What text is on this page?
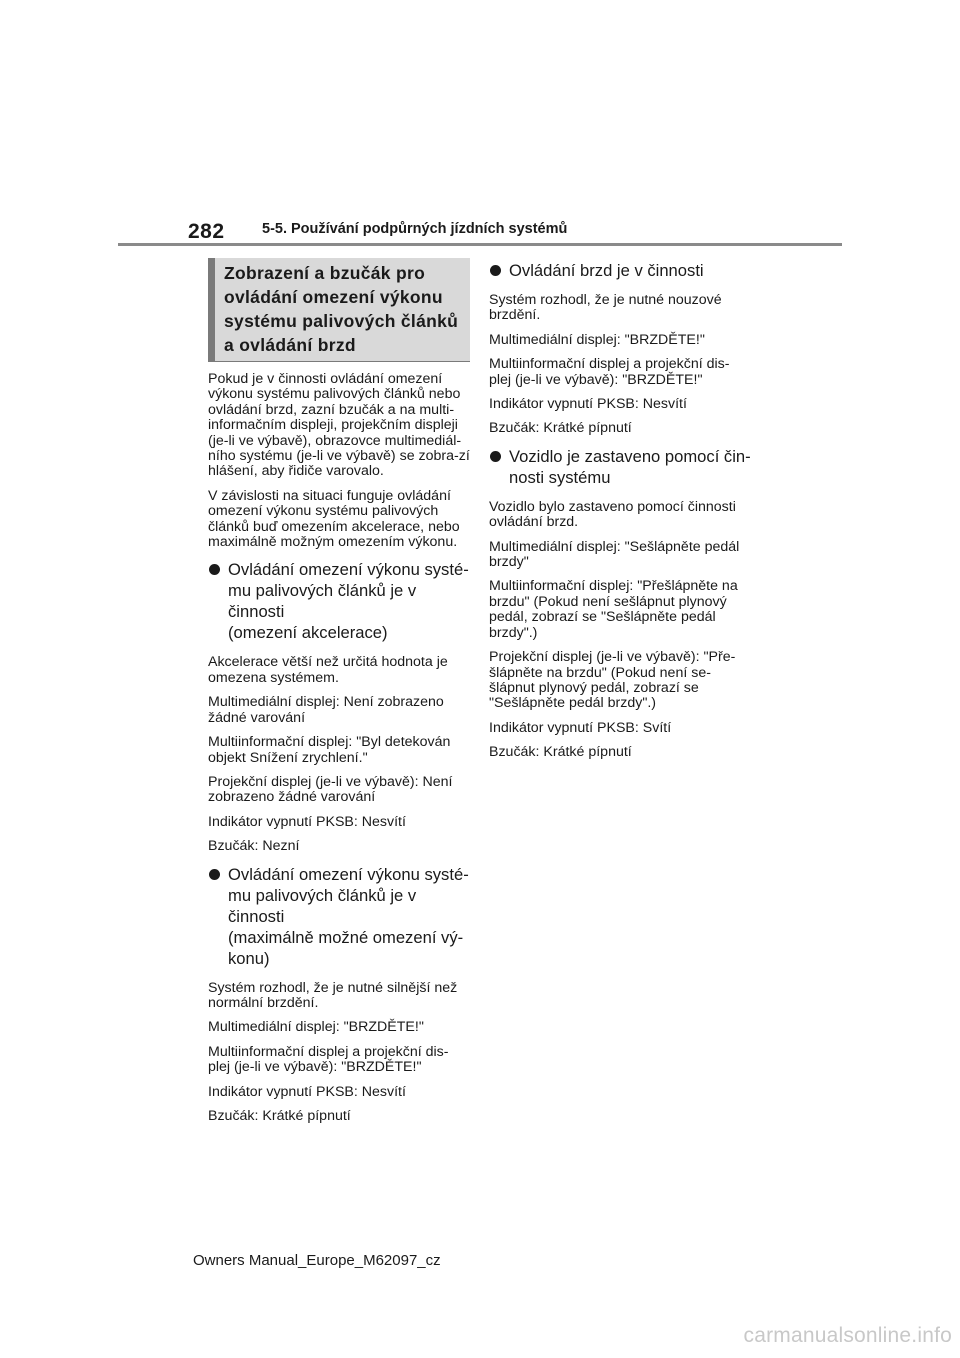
282	5-5. Používání podpůrných jízdních systémů
Zobrazení a bzučák pro
ovládání omezení výkonu
systému palivových článků
a ovládání brzd

Pokud je v činnosti ovládání omezení výkonu systému palivových článků nebo ovládání brzd, zazní bzučák a na multi-informačním displeji, projekčním displeji (je-li ve výbavě), obrazovce multimediál-ního systému (je-li ve výbavě) se zobra-zí hlášení, aby řidiče varovalo.

V závislosti na situaci funguje ovládání omezení výkonu systému palivových článků buď omezením akcelerace, nebo maximálně možným omezením výkonu.

Ovládání omezení výkonu systé-
mu palivových článků je v činnosti
(omezení akcelerace)

Akcelerace větší než určitá hodnota je omezena systémem.

Multimediální displej: Není zobrazeno žádné varování

Multiinformační displej: "Byl detekován objekt Snížení zrychlení."

Projekční displej (je-li ve výbavě): Není zobrazeno žádné varování

Indikátor vypnutí PKSB: Nesvítí

Bzučák: Nezní

Ovládání omezení výkonu systé-
mu palivových článků je v činnosti
(maximálně možné omezení vý-
konu)

Systém rozhodl, že je nutné silnější než normální brzdění.

Multimediální displej: "BRZDĚTE!"

Multiinformační displej a projekční dis-plej (je-li ve výbavě): "BRZDĚTE!"

Indikátor vypnutí PKSB: Nesvítí

Bzučák: Krátké pípnutí

Ovládání brzd je v činnosti

Systém rozhodl, že je nutné nouzové brzdění.

Multimediální displej: "BRZDĚTE!"

Multiinformační displej a projekční dis-plej (je-li ve výbavě): "BRZDĚTE!"

Indikátor vypnutí PKSB: Nesvítí

Bzučák: Krátké pípnutí

Vozidlo je zastaveno pomocí čin-
nosti systému

Vozidlo bylo zastaveno pomocí činnosti ovládání brzd.

Multimediální displej: "Sešlápněte pedál brzdy"

Multiinformační displej: "Přešlápněte na brzdu" (Pokud není sešlápnut plynový pedál, zobrazí se "Sešlápněte pedál brzdy".)

Projekční displej (je-li ve výbavě): "Pře-šlápněte na brzdu" (Pokud není se-šlápnut plynový pedál, zobrazí se "Sešlápněte pedál brzdy".)

Indikátor vypnutí PKSB: Svítí

Bzučák: Krátké pípnutí

Owners Manual_Europe_M62097_cz
carmanualsonline.info
